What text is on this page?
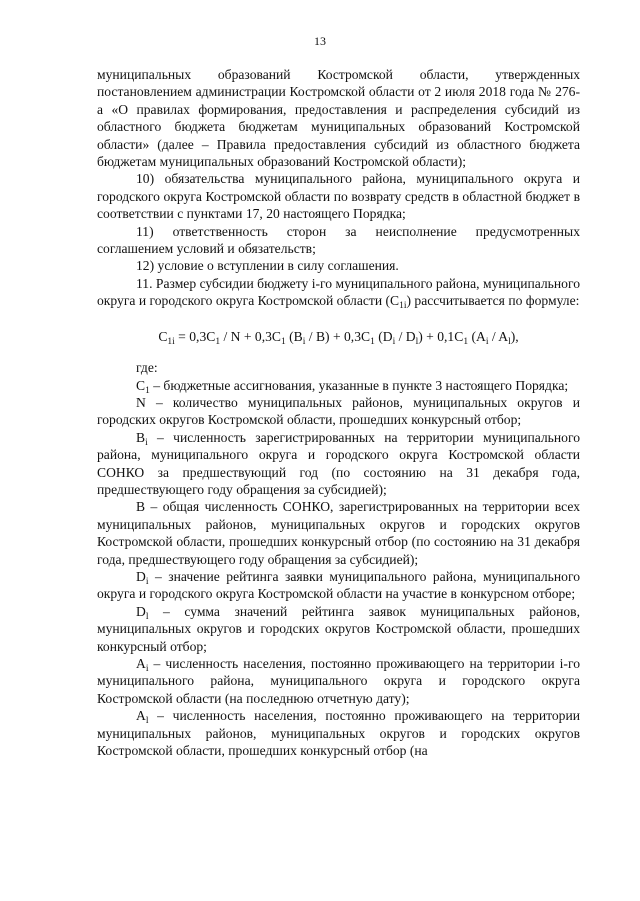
13

муниципальных образований Костромской области, утвержденных постановлением администрации Костромской области от 2 июля 2018 года № 276-а «О правилах формирования, предоставления и распределения субсидий из областного бюджета бюджетам муниципальных образований Костромской области» (далее – Правила предоставления субсидий из областного бюджета бюджетам муниципальных образований Костромской области);

10) обязательства муниципального района, муниципального округа и городского округа Костромской области по возврату средств в областной бюджет в соответствии с пунктами 17, 20 настоящего Порядка;

11) ответственность сторон за неисполнение предусмотренных соглашением условий и обязательств;

12) условие о вступлении в силу соглашения.

11. Размер субсидии бюджету i-го муниципального района, муниципального округа и городского округа Костромской области $(C_{1i})$ рассчитывается по формуле:

$C_{1i} = 0,3C_1 / N + 0,3C_1$ $(B_i / B) + 0,3C_1$ $(D_i / D_l) + 0,1C_1$ $(A_i / A_l)$,

где:

$C_1$ – бюджетные ассигнования, указанные в пункте 3 настоящего Порядка;

N – количество муниципальных районов, муниципальных округов и городских округов Костромской области, прошедших конкурсный отбор;

$B_i$ – численность зарегистрированных на территории муниципального района, муниципального округа и городского округа Костромской области СОНКО за предшествующий год (по состоянию на 31 декабря года, предшествующего году обращения за субсидией);

B – общая численность СОНКО, зарегистрированных на территории всех муниципальных районов, муниципальных округов и городских округов Костромской области, прошедших конкурсный отбор (по состоянию на 31 декабря года, предшествующего году обращения за субсидией);

$D_i$ – значение рейтинга заявки муниципального района, муниципального округа и городского округа Костромской области на участие в конкурсном отборе;

$D_l$ – сумма значений рейтинга заявок муниципальных районов, муниципальных округов и городских округов Костромской области, прошедших конкурсный отбор;

$A_i$ – численность населения, постоянно проживающего на территории i-го муниципального района, муниципального округа и городского округа Костромской области (на последнюю отчетную дату);

$A_l$ – численность населения, постоянно проживающего на территории муниципальных районов, муниципальных округов и городских округов Костромской области, прошедших конкурсный отбор (на
